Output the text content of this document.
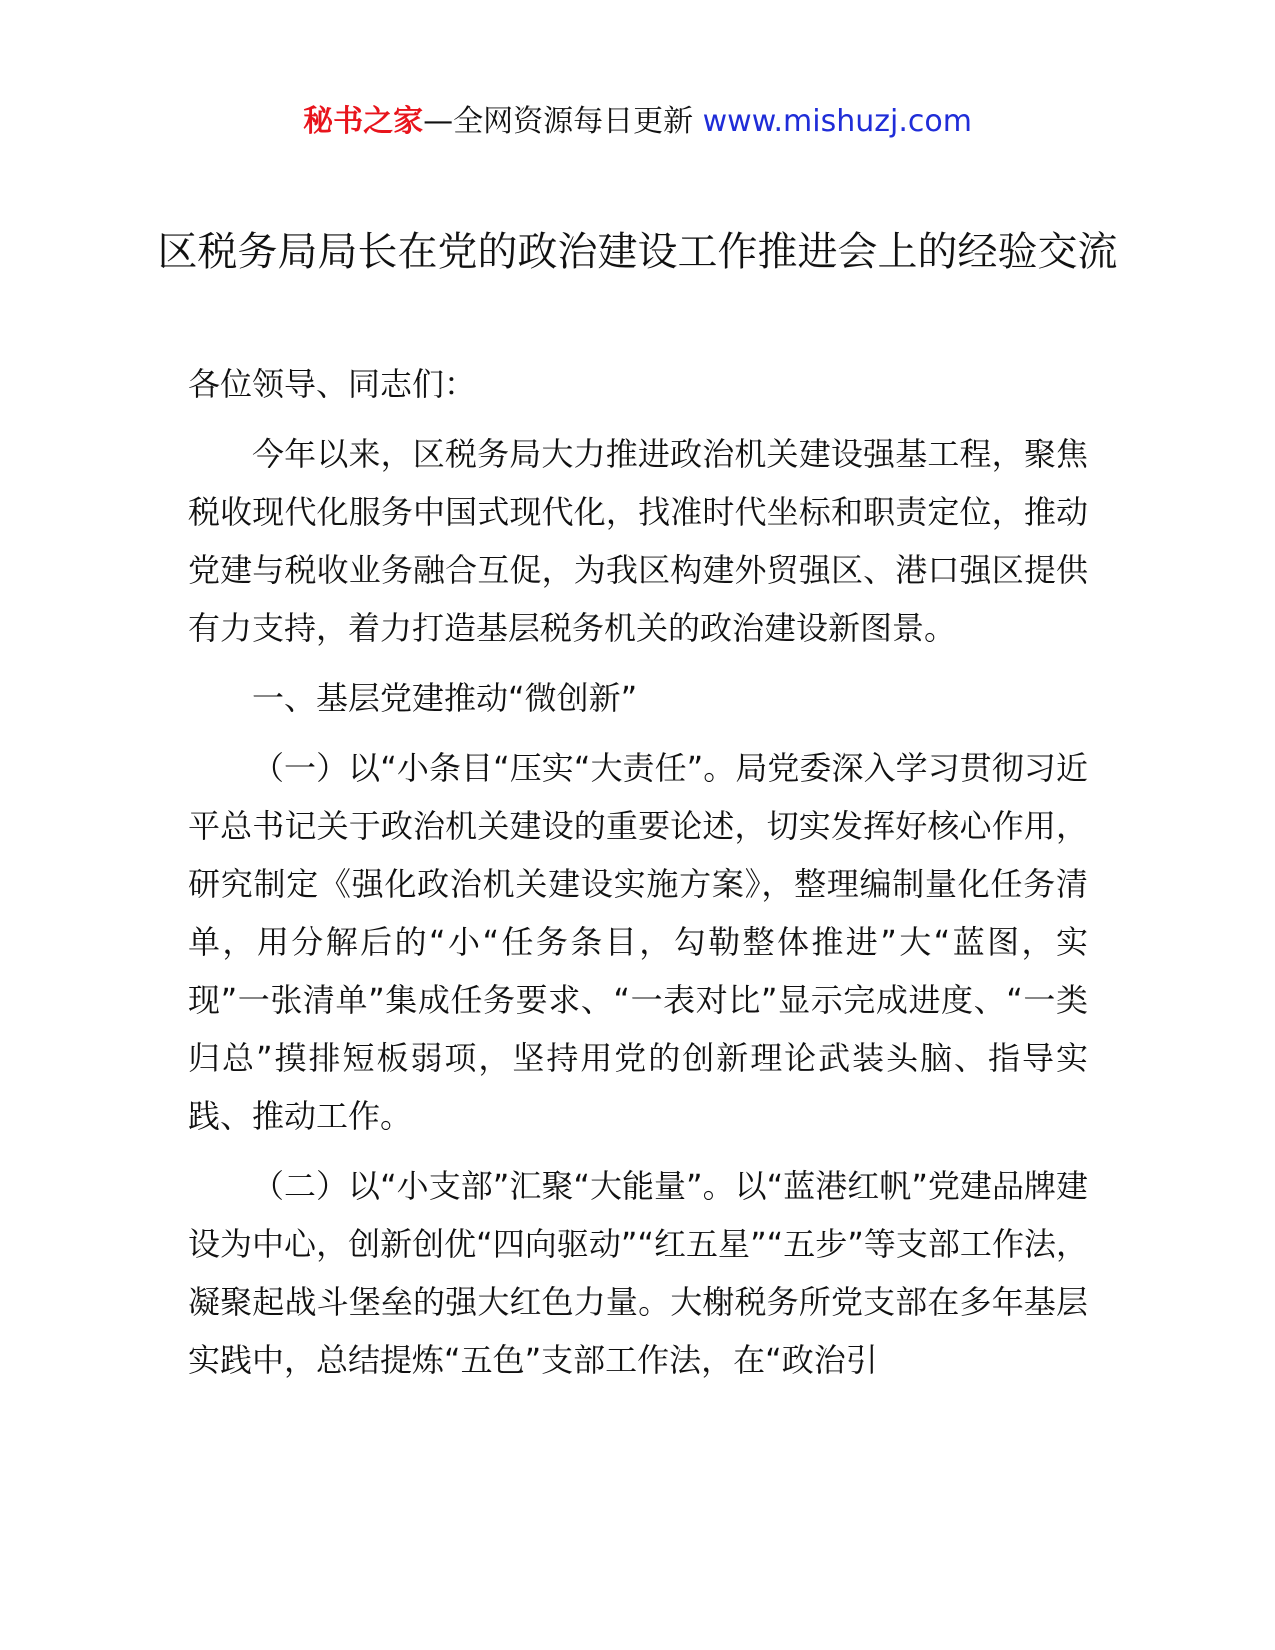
秘书之家—全网资源每日更新 www.mishuzj.com
区税务局局长在党的政治建设工作推进会上的经验交流

各位领导、同志们：

今年以来，区税务局大力推进政治机关建设强基工程，聚焦税收现代化服务中国式现代化，找准时代坐标和职责定位，推动党建与税收业务融合互促，为我区构建外贸强区、港口强区提供有力支持，着力打造基层税务机关的政治建设新图景。

一、基层党建推动“微创新”

（一）以“小条目“压实“大责任”。局党委深入学习贯彻习近平总书记关于政治机关建设的重要论述，切实发挥好核心作用，研究制定《强化政治机关建设实施方案》，整理编制量化任务清单，用分解后的“小“任务条目，勾勒整体推进”大“蓝图，实现”一张清单”集成任务要求、“一表对比”显示完成进度、“一类归总”摸排短板弱项，坚持用党的创新理论武装头脑、指导实践、推动工作。

（二）以“小支部”汇聚“大能量”。以“蓝港红帆”党建品牌建设为中心，创新创优“四向驱动”“红五星”“五步”等支部工作法，凝聚起战斗堡垒的强大红色力量。大榭税务所党支部在多年基层实践中，总结提炼“五色”支部工作法，在“政治引
